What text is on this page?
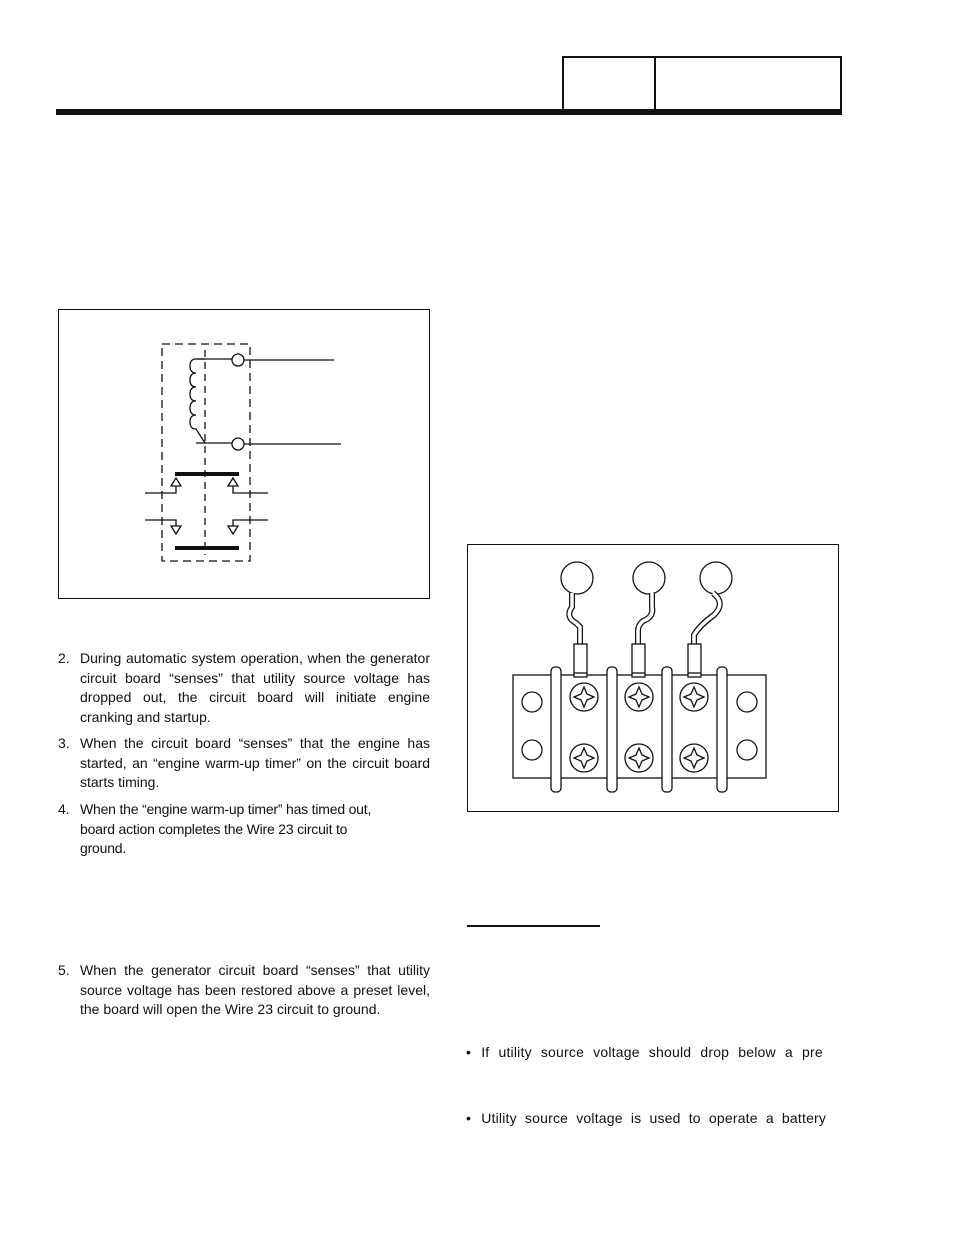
2. During automatic system operation, when the generator circuit board “senses” that utility source voltage has dropped out, the circuit board will initiate engine cranking and startup.
3. When the circuit board “senses” that the engine has started, an “engine warm-up timer” on the circuit board starts timing.
4. When the “engine warm-up timer” has timed out, board action completes the Wire 23 circuit to ground.
5. When the generator circuit board “senses” that utility source voltage has been restored above a preset level, the board will open the Wire 23 circuit to ground.
• If utility source voltage should drop below a pre
• Utility source voltage is used to operate a battery
